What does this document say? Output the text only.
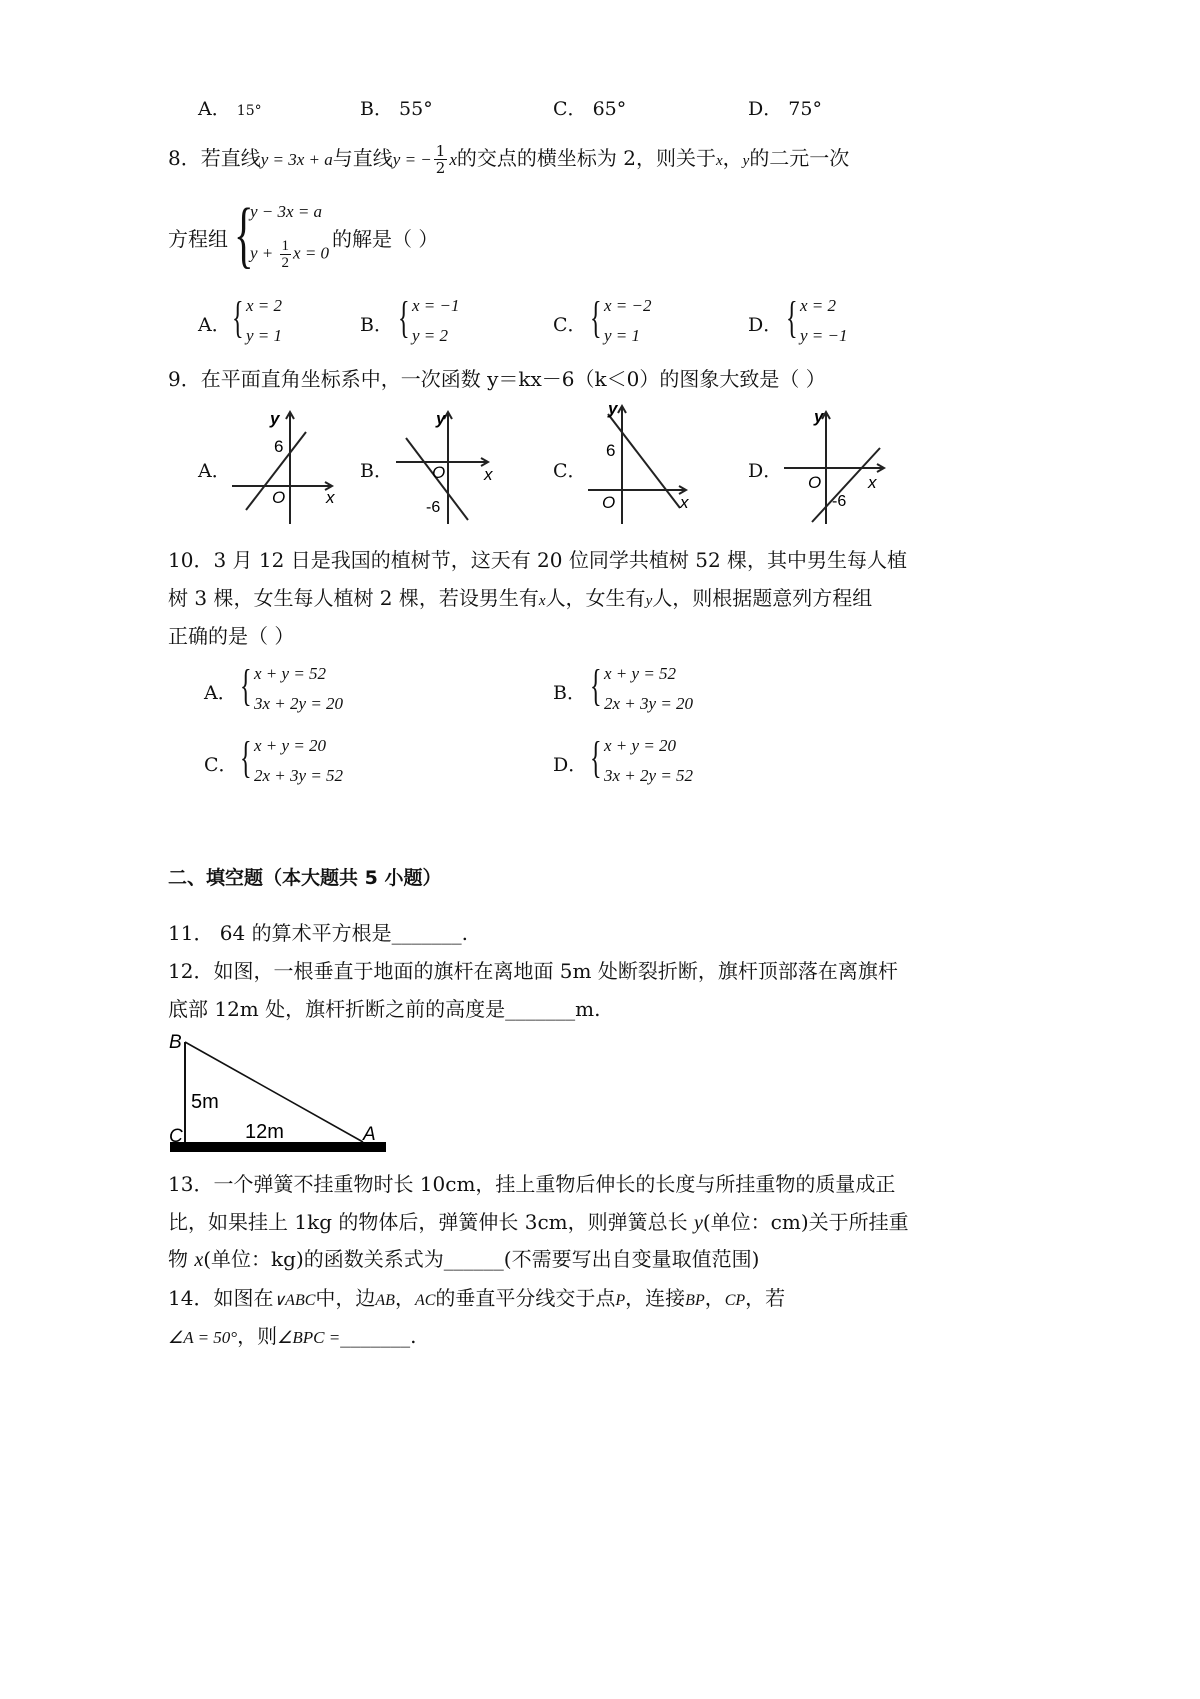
A． 15°	B． 55°	C． 65°	D． 75°
8．若直线y = 3x + a与直线y = − $\frac{1}{2}$ x的交点的横坐标为 2，则关于x，y的二元一次
方程组 {
y − 3x = a
$y + \frac{1}{2}$ x = 0
的解是（ ）
A． { x = 2
y = 1	B． { x = −1
y = 2	C． { x = −2
y = 1	D． { x = 2
y = −1
9．在平面直角坐标系中，一次函数 y＝kx－6（k＜0）的图象大致是（ ）
A．
y
x
O
6
B．
y
x
O
-6
C．
y
x
O
6
D．
y
x
O
-6
10．3 月 12 日是我国的植树节，这天有 20 位同学共植树 52 棵，其中男生每人植
树 3 棵，女生每人植树 2 棵，若设男生有x人，女生有y人，则根据题意列方程组
正确的是（ ）
A． { x + y = 52
3x + 2y = 20	B． { x + y = 52
2x + 3y = 20
C． { x + y = 20
2x + 3y = 52	D． { x + y = 20
3x + 2y = 52
二、填空题（本大题共 5 小题）
11． 64 的算术平方根是_______.
12．如图，一根垂直于地面的旗杆在离地面 5m 处断裂折断，旗杆顶部落在离旗杆
底部 12m 处，旗杆折断之前的高度是_______m.
B
C	A
5m
12m
13．一个弹簧不挂重物时长 10cm，挂上重物后伸长的长度与所挂重物的质量成正
比，如果挂上 1kg 的物体后，弹簧伸长 3cm，则弹簧总长 y(单位：cm)关于所挂重
物 x(单位：kg)的函数关系式为______(不需要写出自变量取值范围)
14．如图在∨ABC中，边AB，AC的垂直平分线交于点P，连接BP，CP，若
∠A = 50°，则∠BPC =_______.
